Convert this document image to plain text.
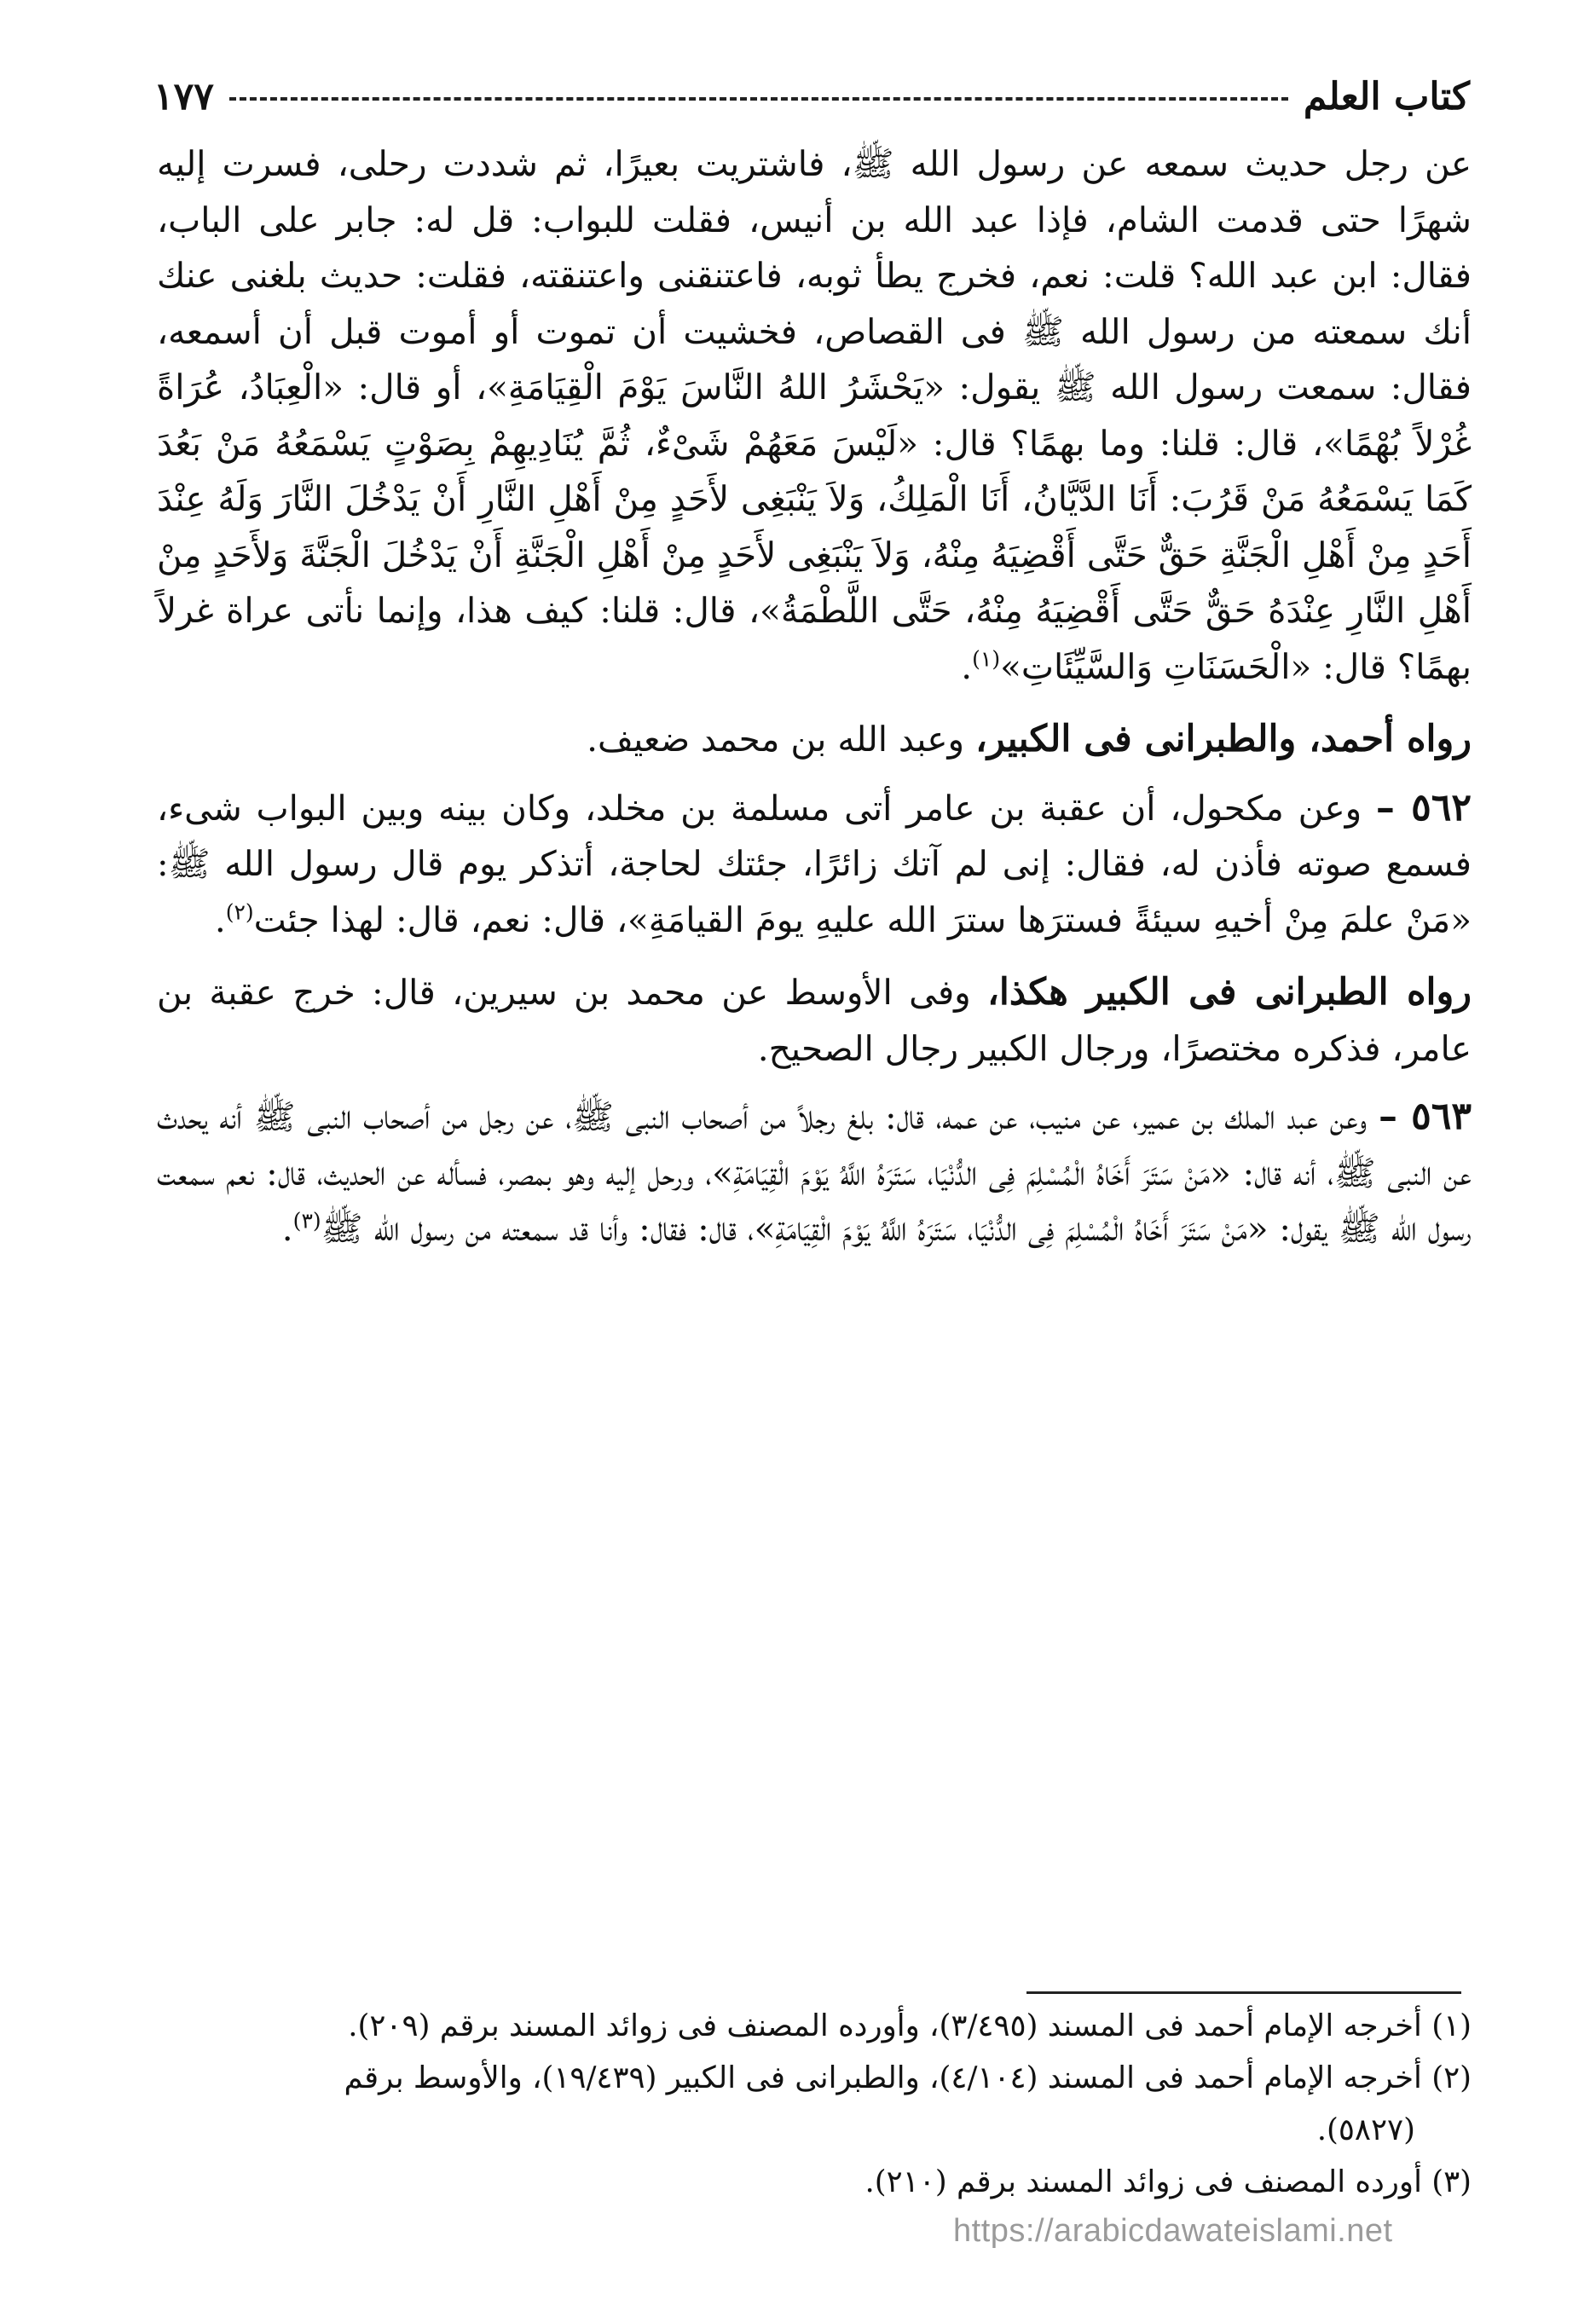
كتاب العلم
١٧٧

عن رجل حديث سمعه عن رسول الله ﷺ، فاشتريت بعيرًا، ثم شددت رحلى، فسرت إليه شهرًا حتى قدمت الشام، فإذا عبد الله بن أنيس، فقلت للبواب: قل له: جابر على الباب، فقال: ابن عبد الله؟ قلت: نعم، فخرج يطأ ثوبه، فاعتنقنى واعتنقته، فقلت: حديث بلغنى عنك أنك سمعته من رسول الله ﷺ فى القصاص، فخشيت أن تموت أو أموت قبل أن أسمعه، فقال: سمعت رسول الله ﷺ يقول: «يَحْشَرُ اللهُ النَّاسَ يَوْمَ الْقِيَامَةِ»، أو قال: «الْعِبَادُ، عُرَاةً غُرْلاً بُهْمًا»، قال: قلنا: وما بهمًا؟ قال: «لَيْسَ مَعَهُمْ شَىْءٌ، ثُمَّ يُنَادِيهِمْ بِصَوْتٍ يَسْمَعُهُ مَنْ بَعُدَ كَمَا يَسْمَعُهُ مَنْ قَرُبَ: أَنَا الدَّيَّانُ، أَنَا الْمَلِكُ، وَلاَ يَنْبَغِى لأَحَدٍ مِنْ أَهْلِ النَّارِ أَنْ يَدْخُلَ النَّارَ وَلَهُ عِنْدَ أَحَدٍ مِنْ أَهْلِ الْجَنَّةِ حَقٌّ حَتَّى أَقْضِيَهُ مِنْهُ، وَلاَ يَنْبَغِى لأَحَدٍ مِنْ أَهْلِ الْجَنَّةِ أَنْ يَدْخُلَ الْجَنَّةَ وَلأَحَدٍ مِنْ أَهْلِ النَّارِ عِنْدَهُ حَقٌّ حَتَّى أَقْضِيَهُ مِنْهُ، حَتَّى اللَّطْمَةُ»، قال: قلنا: كيف هذا، وإنما نأتى عراة غرلاً بهمًا؟ قال: «الْحَسَنَاتِ وَالسَّيِّئَاتِ»$^{(١)}$.

رواه أحمد، والطبرانى فى الكبير، وعبد الله بن محمد ضعيف.

٥٦٢ – وعن مكحول، أن عقبة بن عامر أتى مسلمة بن مخلد، وكان بينه وبين البواب شىء، فسمع صوته فأذن له، فقال: إنى لم آتك زائرًا، جئتك لحاجة، أتذكر يوم قال رسول الله ﷺ: «مَنْ علمَ مِنْ أخيهِ سيئةً فسترَها سترَ الله عليهِ يومَ القيامَةِ»، قال: نعم، قال: لهذا جئت$^{(٢)}$.

رواه الطبرانى فى الكبير هكذا، وفى الأوسط عن محمد بن سيرين، قال: خرج عقبة بن عامر، فذكره مختصرًا، ورجال الكبير رجال الصحيح.

٥٦٣ – وعن عبد الملك بن عمير، عن منيب، عن عمه، قال: بلغ رجلاً من أصحاب النبى ﷺ، عن رجل من أصحاب النبى ﷺ أنه يحدث عن النبى ﷺ، أنه قال: «مَنْ سَتَرَ أَخَاهُ الْمُسْلِمَ فِى الدُّنْيَا، سَتَرَهُ اللَّهُ يَوْمَ الْقِيَامَةِ»، ورحل إليه وهو بمصر، فسأله عن الحديث، قال: نعم سمعت رسول الله ﷺ يقول: «مَنْ سَتَرَ أَخَاهُ الْمُسْلِمَ فِى الدُّنْيَا، سَتَرَهُ اللَّهُ يَوْمَ الْقِيَامَةِ»، قال: فقال: وأنا قد سمعته من رسول الله ﷺ$^{(٣)}$.

(١) أخرجه الإمام أحمد فى المسند (٣/٤٩٥)، وأورده المصنف فى زوائد المسند برقم (٢٠٩).

(٢) أخرجه الإمام أحمد فى المسند (٤/١٠٤)، والطبرانى فى الكبير (١٩/٤٣٩)، والأوسط برقم

(٥٨٢٧).

(٣) أورده المصنف فى زوائد المسند برقم (٢١٠).

https://arabicdawateislami.net
